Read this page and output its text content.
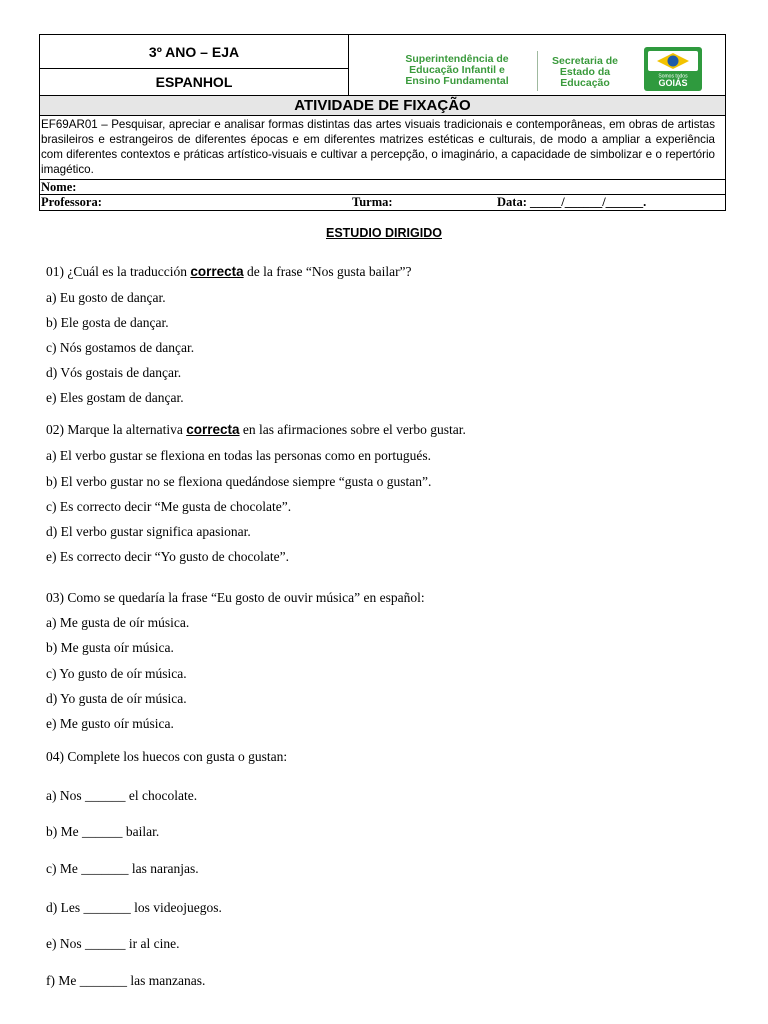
3º ANO – EJA
ESPANHOL
Superintendência de Educação Infantil e Ensino Fundamental
Secretaria de Estado da Educação
Somos todos
GOIÁS
ATIVIDADE DE FIXAÇÃO
EF69AR01 – Pesquisar, apreciar e analisar formas distintas das artes visuais tradicionais e contemporâneas, em obras de artistas brasileiros e estrangeiros de diferentes épocas e em diferentes matrizes estéticas e culturais, de modo a ampliar a experiência com diferentes contextos e práticas artístico-visuais e cultivar a percepção, o imaginário, a capacidade de simbolizar e o repertório imagético.
Nome:
Professora:	Turma:	Data: _____/______/______.
ESTUDIO DIRIGIDO
01) ¿Cuál es la traducción correcta de la frase “Nos gusta bailar”?
a) Eu gosto de dançar.
b) Ele gosta de dançar.
c) Nós gostamos de dançar.
d) Vós gostais de dançar.
e) Eles gostam de dançar.
02) Marque la alternativa correcta en las afirmaciones sobre el verbo gustar.
a) El verbo gustar se flexiona en todas las personas como en portugués.
b) El verbo gustar no se flexiona quedándose siempre “gusta o gustan”.
c) Es correcto decir “Me gusta de chocolate”.
d) El verbo gustar significa apasionar.
e) Es correcto decir “Yo gusto de chocolate”.
03) Como se quedaría la frase “Eu gosto de ouvir música” en español:
a) Me gusta de oír música.
b) Me gusta oír música.
c) Yo gusto de oír música.
d) Yo gusta de oír música.
e) Me gusto oír música.
04) Complete los huecos con gusta o gustan:
a) Nos ______ el chocolate.
b) Me ______ bailar.
c) Me _______ las naranjas.
d) Les _______ los videojuegos.
e) Nos ______ ir al cine.
f) Me _______ las manzanas.
